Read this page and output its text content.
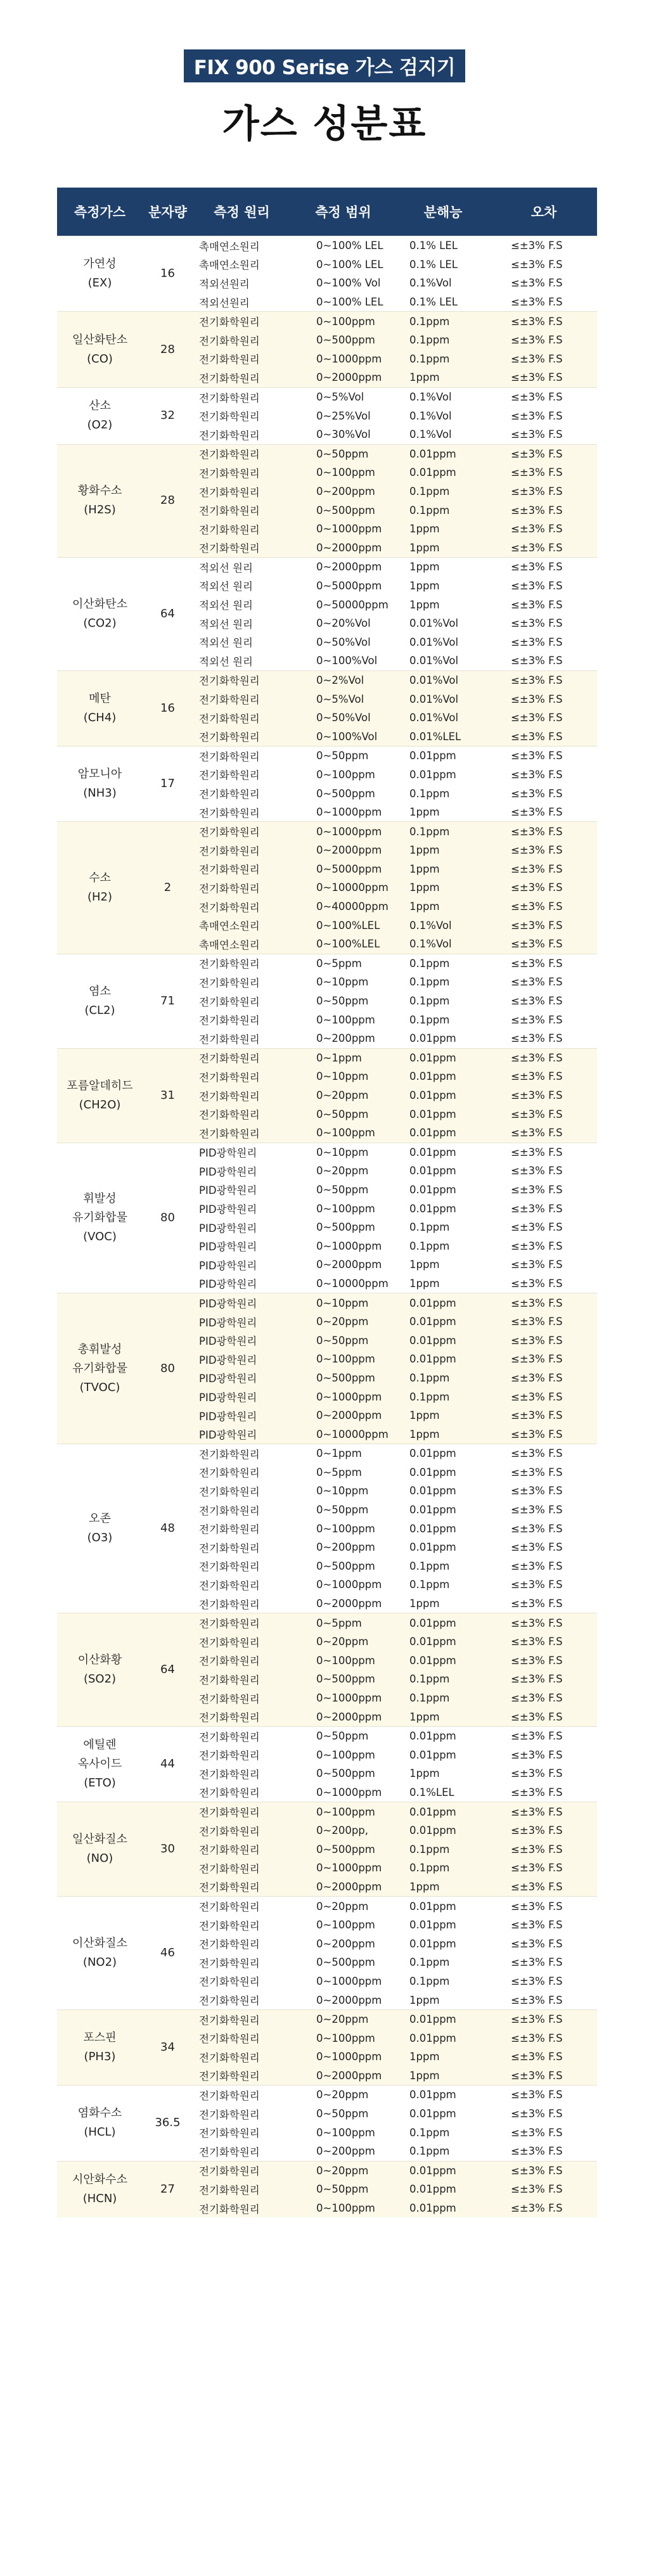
FIX 900 Serise 가스 검지기
가스 성분표
측정가스	분자량	측정 원리	측정 범위	분해능	오차

가연성
(EX)	16	촉매연소원리	0~100% LEL	0.1% LEL	≤±3% F.S
		촉매연소원리	0~100% LEL	0.1% LEL	≤±3% F.S
		적외선원리	0~100% Vol	0.1%Vol	≤±3% F.S
		적외선원리	0~100% LEL	0.1% LEL	≤±3% F.S

일산화탄소
(CO)	28	전기화학원리	0~100ppm	0.1ppm	≤±3% F.S
		전기화학원리	0~500ppm	0.1ppm	≤±3% F.S
		전기화학원리	0~1000ppm	0.1ppm	≤±3% F.S
		전기화학원리	0~2000ppm	1ppm	≤±3% F.S

산소
(O2)	32	전기화학원리	0~5%Vol	0.1%Vol	≤±3% F.S
		전기화학원리	0~25%Vol	0.1%Vol	≤±3% F.S
		전기화학원리	0~30%Vol	0.1%Vol	≤±3% F.S

황화수소
(H2S)	28	전기화학원리	0~50ppm	0.01ppm	≤±3% F.S
		전기화학원리	0~100ppm	0.01ppm	≤±3% F.S
		전기화학원리	0~200ppm	0.1ppm	≤±3% F.S
		전기화학원리	0~500ppm	0.1ppm	≤±3% F.S
		전기화학원리	0~1000ppm	1ppm	≤±3% F.S
		전기화학원리	0~2000ppm	1ppm	≤±3% F.S

이산화탄소
(CO2)	64	적외선 원리	0~2000ppm	1ppm	≤±3% F.S
		적외선 원리	0~5000ppm	1ppm	≤±3% F.S
		적외선 원리	0~50000ppm	1ppm	≤±3% F.S
		적외선 원리	0~20%Vol	0.01%Vol	≤±3% F.S
		적외선 원리	0~50%Vol	0.01%Vol	≤±3% F.S
		적외선 원리	0~100%Vol	0.01%Vol	≤±3% F.S

메탄
(CH4)	16	전기화학원리	0~2%Vol	0.01%Vol	≤±3% F.S
		전기화학원리	0~5%Vol	0.01%Vol	≤±3% F.S
		전기화학원리	0~50%Vol	0.01%Vol	≤±3% F.S
		전기화학원리	0~100%Vol	0.01%LEL	≤±3% F.S

암모니아
(NH3)	17	전기화학원리	0~50ppm	0.01ppm	≤±3% F.S
		전기화학원리	0~100ppm	0.01ppm	≤±3% F.S
		전기화학원리	0~500ppm	0.1ppm	≤±3% F.S
		전기화학원리	0~1000ppm	1ppm	≤±3% F.S

수소
(H2)	2	전기화학원리	0~1000ppm	0.1ppm	≤±3% F.S
		전기화학원리	0~2000ppm	1ppm	≤±3% F.S
		전기화학원리	0~5000ppm	1ppm	≤±3% F.S
		전기화학원리	0~10000ppm	1ppm	≤±3% F.S
		전기화학원리	0~40000ppm	1ppm	≤±3% F.S
		촉매연소원리	0~100%LEL	0.1%Vol	≤±3% F.S
		촉매연소원리	0~100%LEL	0.1%Vol	≤±3% F.S

염소
(CL2)	71	전기화학원리	0~5ppm	0.1ppm	≤±3% F.S
		전기화학원리	0~10ppm	0.1ppm	≤±3% F.S
		전기화학원리	0~50ppm	0.1ppm	≤±3% F.S
		전기화학원리	0~100ppm	0.1ppm	≤±3% F.S
		전기화학원리	0~200ppm	0.01ppm	≤±3% F.S

포름알데히드
(CH2O)	31	전기화학원리	0~1ppm	0.01ppm	≤±3% F.S
		전기화학원리	0~10ppm	0.01ppm	≤±3% F.S
		전기화학원리	0~20ppm	0.01ppm	≤±3% F.S
		전기화학원리	0~50ppm	0.01ppm	≤±3% F.S
		전기화학원리	0~100ppm	0.01ppm	≤±3% F.S

휘발성
유기화합물
(VOC)	80	PID광학원리	0~10ppm	0.01ppm	≤±3% F.S
		PID광학원리	0~20ppm	0.01ppm	≤±3% F.S
		PID광학원리	0~50ppm	0.01ppm	≤±3% F.S
		PID광학원리	0~100ppm	0.01ppm	≤±3% F.S
		PID광학원리	0~500ppm	0.1ppm	≤±3% F.S
		PID광학원리	0~1000ppm	0.1ppm	≤±3% F.S
		PID광학원리	0~2000ppm	1ppm	≤±3% F.S
		PID광학원리	0~10000ppm	1ppm	≤±3% F.S

총휘발성
유기화합물
(TVOC)	80	PID광학원리	0~10ppm	0.01ppm	≤±3% F.S
		PID광학원리	0~20ppm	0.01ppm	≤±3% F.S
		PID광학원리	0~50ppm	0.01ppm	≤±3% F.S
		PID광학원리	0~100ppm	0.01ppm	≤±3% F.S
		PID광학원리	0~500ppm	0.1ppm	≤±3% F.S
		PID광학원리	0~1000ppm	0.1ppm	≤±3% F.S
		PID광학원리	0~2000ppm	1ppm	≤±3% F.S
		PID광학원리	0~10000ppm	1ppm	≤±3% F.S

오존
(O3)	48	전기화학원리	0~1ppm	0.01ppm	≤±3% F.S
		전기화학원리	0~5ppm	0.01ppm	≤±3% F.S
		전기화학원리	0~10ppm	0.01ppm	≤±3% F.S
		전기화학원리	0~50ppm	0.01ppm	≤±3% F.S
		전기화학원리	0~100ppm	0.01ppm	≤±3% F.S
		전기화학원리	0~200ppm	0.01ppm	≤±3% F.S
		전기화학원리	0~500ppm	0.1ppm	≤±3% F.S
		전기화학원리	0~1000ppm	0.1ppm	≤±3% F.S
		전기화학원리	0~2000ppm	1ppm	≤±3% F.S

이산화황
(SO2)	64	전기화학원리	0~5ppm	0.01ppm	≤±3% F.S
		전기화학원리	0~20ppm	0.01ppm	≤±3% F.S
		전기화학원리	0~100ppm	0.01ppm	≤±3% F.S
		전기화학원리	0~500ppm	0.1ppm	≤±3% F.S
		전기화학원리	0~1000ppm	0.1ppm	≤±3% F.S
		전기화학원리	0~2000ppm	1ppm	≤±3% F.S

에틸렌
옥사이드
(ETO)	44	전기화학원리	0~50ppm	0.01ppm	≤±3% F.S
		전기화학원리	0~100ppm	0.01ppm	≤±3% F.S
		전기화학원리	0~500ppm	1ppm	≤±3% F.S
		전기화학원리	0~1000ppm	0.1%LEL	≤±3% F.S

일산화질소
(NO)	30	전기화학원리	0~100ppm	0.01ppm	≤±3% F.S
		전기화학원리	0~200pp,	0.01ppm	≤±3% F.S
		전기화학원리	0~500ppm	0.1ppm	≤±3% F.S
		전기화학원리	0~1000ppm	0.1ppm	≤±3% F.S
		전기화학원리	0~2000ppm	1ppm	≤±3% F.S

이산화질소
(NO2)	46	전기화학원리	0~20ppm	0.01ppm	≤±3% F.S
		전기화학원리	0~100ppm	0.01ppm	≤±3% F.S
		전기화학원리	0~200ppm	0.01ppm	≤±3% F.S
		전기화학원리	0~500ppm	0.1ppm	≤±3% F.S
		전기화학원리	0~1000ppm	0.1ppm	≤±3% F.S
		전기화학원리	0~2000ppm	1ppm	≤±3% F.S

포스핀
(PH3)	34	전기화학원리	0~20ppm	0.01ppm	≤±3% F.S
		전기화학원리	0~100ppm	0.01ppm	≤±3% F.S
		전기화학원리	0~1000ppm	1ppm	≤±3% F.S
		전기화학원리	0~2000ppm	1ppm	≤±3% F.S

염화수소
(HCL)	36.5	전기화학원리	0~20ppm	0.01ppm	≤±3% F.S
		전기화학원리	0~50ppm	0.01ppm	≤±3% F.S
		전기화학원리	0~100ppm	0.1ppm	≤±3% F.S
		전기화학원리	0~200ppm	0.1ppm	≤±3% F.S

시안화수소
(HCN)	27	전기화학원리	0~20ppm	0.01ppm	≤±3% F.S
		전기화학원리	0~50ppm	0.01ppm	≤±3% F.S
		전기화학원리	0~100ppm	0.01ppm	≤±3% F.S
